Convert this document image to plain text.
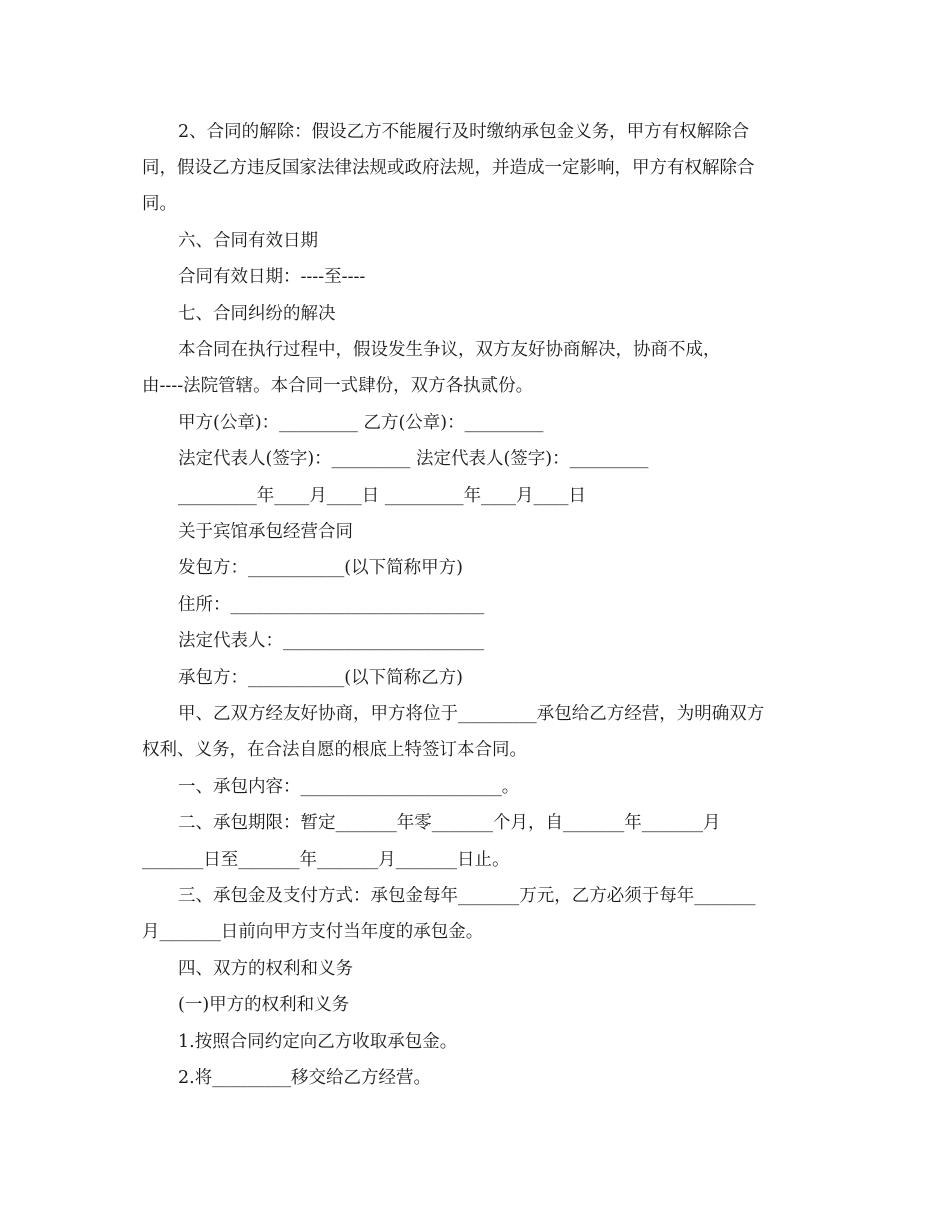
2、合同的解除：假设乙方不能履行及时缴纳承包金义务，甲方有权解除合
同，假设乙方违反国家法律法规或政府法规，并造成一定影响，甲方有权解除合
同。
六、合同有效日期
合同有效日期：----至----
七、合同纠纷的解决
本合同在执行过程中，假设发生争议，双方友好协商解决，协商不成，
由----法院管辖。本合同一式肆份，双方各执贰份。
甲方(公章)：_________ 乙方(公章)：_________
法定代表人(签字)：_________ 法定代表人(签字)：_________
_________年____月____日 _________年____月____日
关于宾馆承包经营合同
发包方：___________(以下简称甲方)
住所：_____________________________
法定代表人：_______________________
承包方：___________(以下简称乙方)
甲、乙双方经友好协商，甲方将位于_________承包给乙方经营，为明确双方
权利、义务，在合法自愿的根底上特签订本合同。
一、承包内容：_______________________。
二、承包期限：暂定_______年零_______个月，自_______年_______月
_______日至_______年_______月_______日止。
三、承包金及支付方式：承包金每年_______万元，乙方必须于每年_______
月_______日前向甲方支付当年度的承包金。
四、双方的权利和义务
(一)甲方的权利和义务
1.按照合同约定向乙方收取承包金。
2.将_________移交给乙方经营。
